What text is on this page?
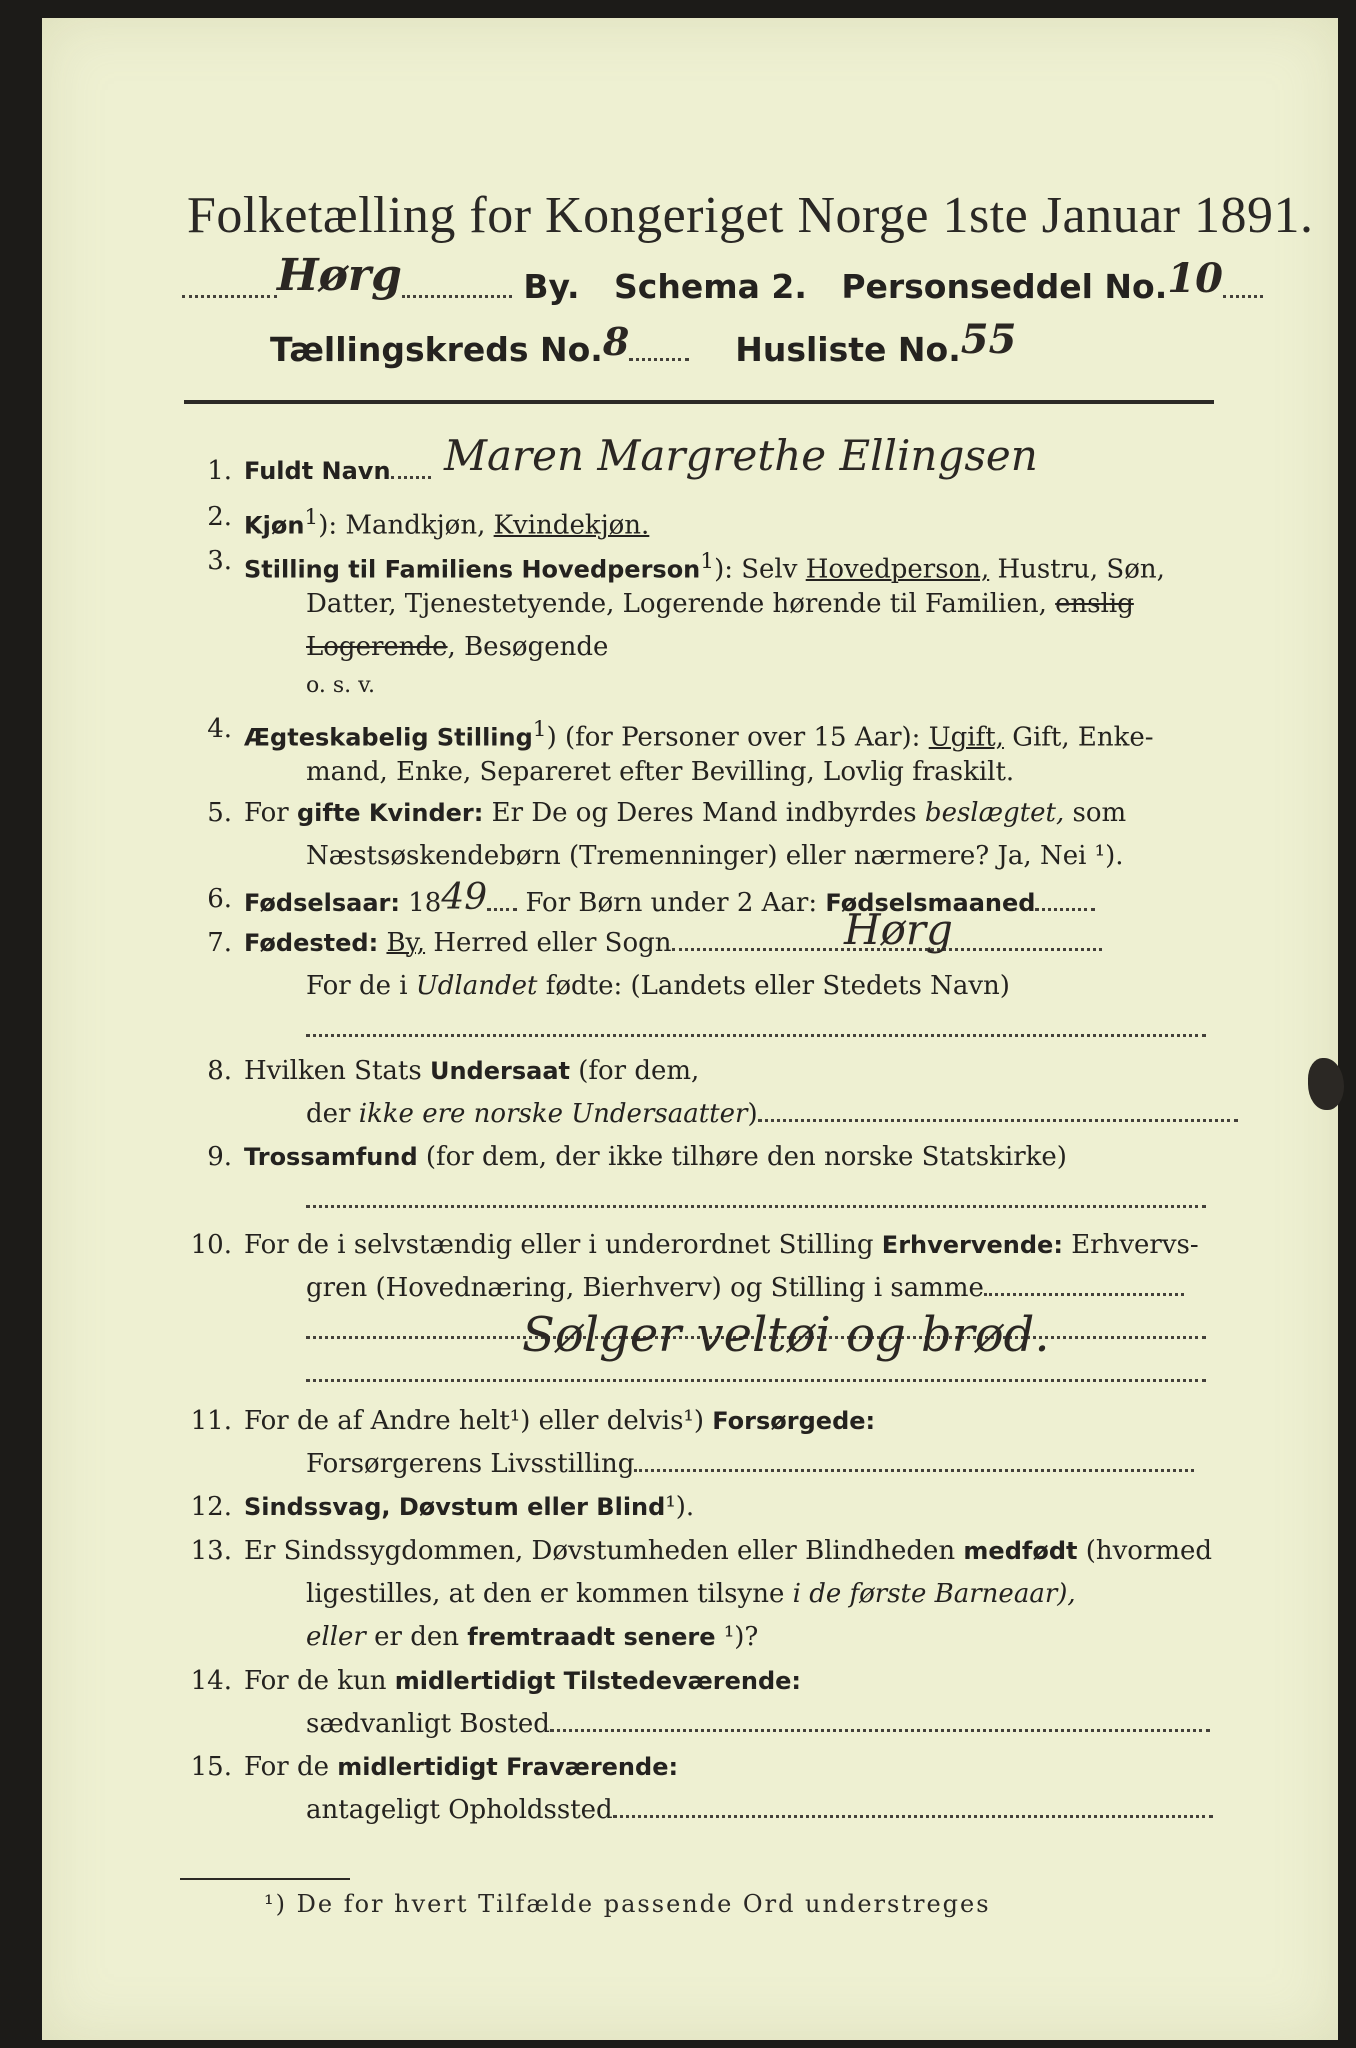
Folketælling for Kongeriget Norge 1ste Januar 1891.
Hørg	By. Schema 2. Personseddel No.10
Tællingskreds No.8	Husliste No.55
1. Fuldt Navn Maren Margrethe Ellingsen
2. Kjøn$^1$): Mandkjøn, Kvindekjøn.
3. Stilling til Familiens Hovedperson$^1$): Selv Hovedperson, Hustru, Søn,
Datter, Tjenestetyende, Logerende hørende til Familien, enslig
Logerende, Besøgende
o. s. v.
4. Ægteskabelig Stilling$^1$) (for Personer over 15 Aar): Ugift, Gift, Enke-
mand, Enke, Separeret efter Bevilling, Lovlig fraskilt.
5. For gifte Kvinder: Er De og Deres Mand indbyrdes beslægtet, som
Næstsøskendebørn (Tremenninger) eller nærmere? Ja, Nei ¹).
6. Fødselsaar: 1849 For Børn under 2 Aar: Fødselsmaaned
7. Fødested: By, Herred eller Sogn	Hørg
For de i Udlandet fødte: (Landets eller Stedets Navn)
8. Hvilken Stats Undersaat (for dem,
der ikke ere norske Undersaatter)
9. Trossamfund (for dem, der ikke tilhøre den norske Statskirke)
10. For de i selvstændig eller i underordnet Stilling Erhvervende: Erhvervs-
gren (Hovednæring, Bierhverv) og Stilling i samme
Sølger veltøi og brød.
11. For de af Andre helt¹) eller delvis¹) Forsørgede:
Forsørgerens Livsstilling
12. Sindssvag, Døvstum eller Blind¹).
13. Er Sindssygdommen, Døvstumheden eller Blindheden medfødt (hvormed
ligestilles, at den er kommen tilsyne i de første Barneaar),
eller er den fremtraadt senere ¹)?
14. For de kun midlertidigt Tilstedeværende:
sædvanligt Bosted
15. For de midlertidigt Fraværende:
antageligt Opholdssted
¹) De for hvert Tilfælde passende Ord understreges
